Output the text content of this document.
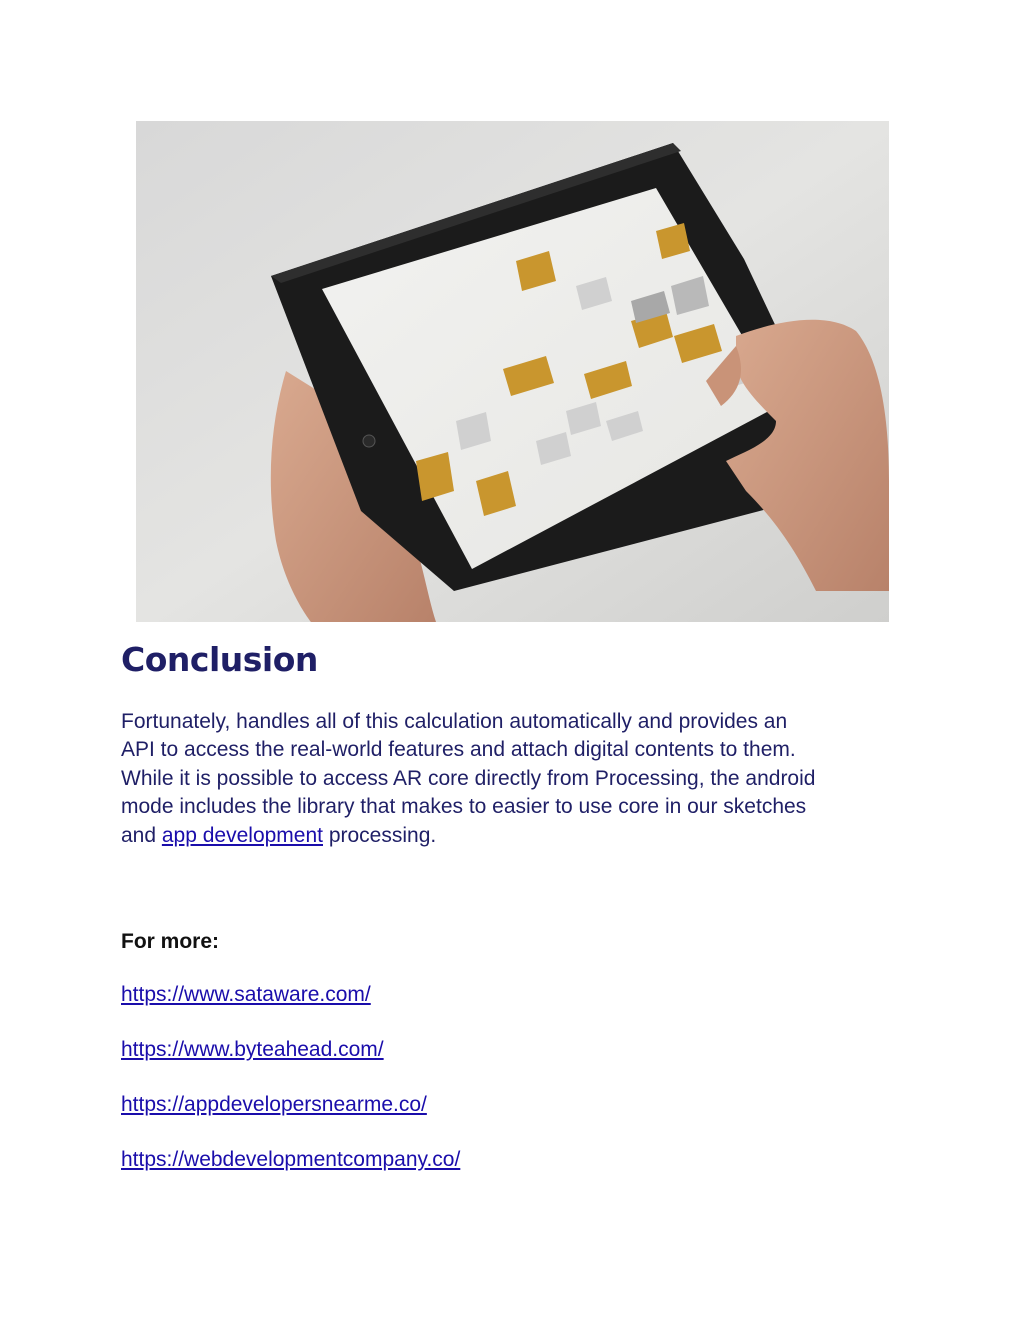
Conclusion

Fortunately, handles all of this calculation automatically and provides an
API to access the real-world features and attach digital contents to them.
While it is possible to access AR core directly from Processing, the android
mode includes the library that makes to easier to use core in our sketches
and app development processing.

For more:

https://www.sataware.com/
https://www.byteahead.com/
https://appdevelopersnearme.co/
https://webdevelopmentcompany.co/
